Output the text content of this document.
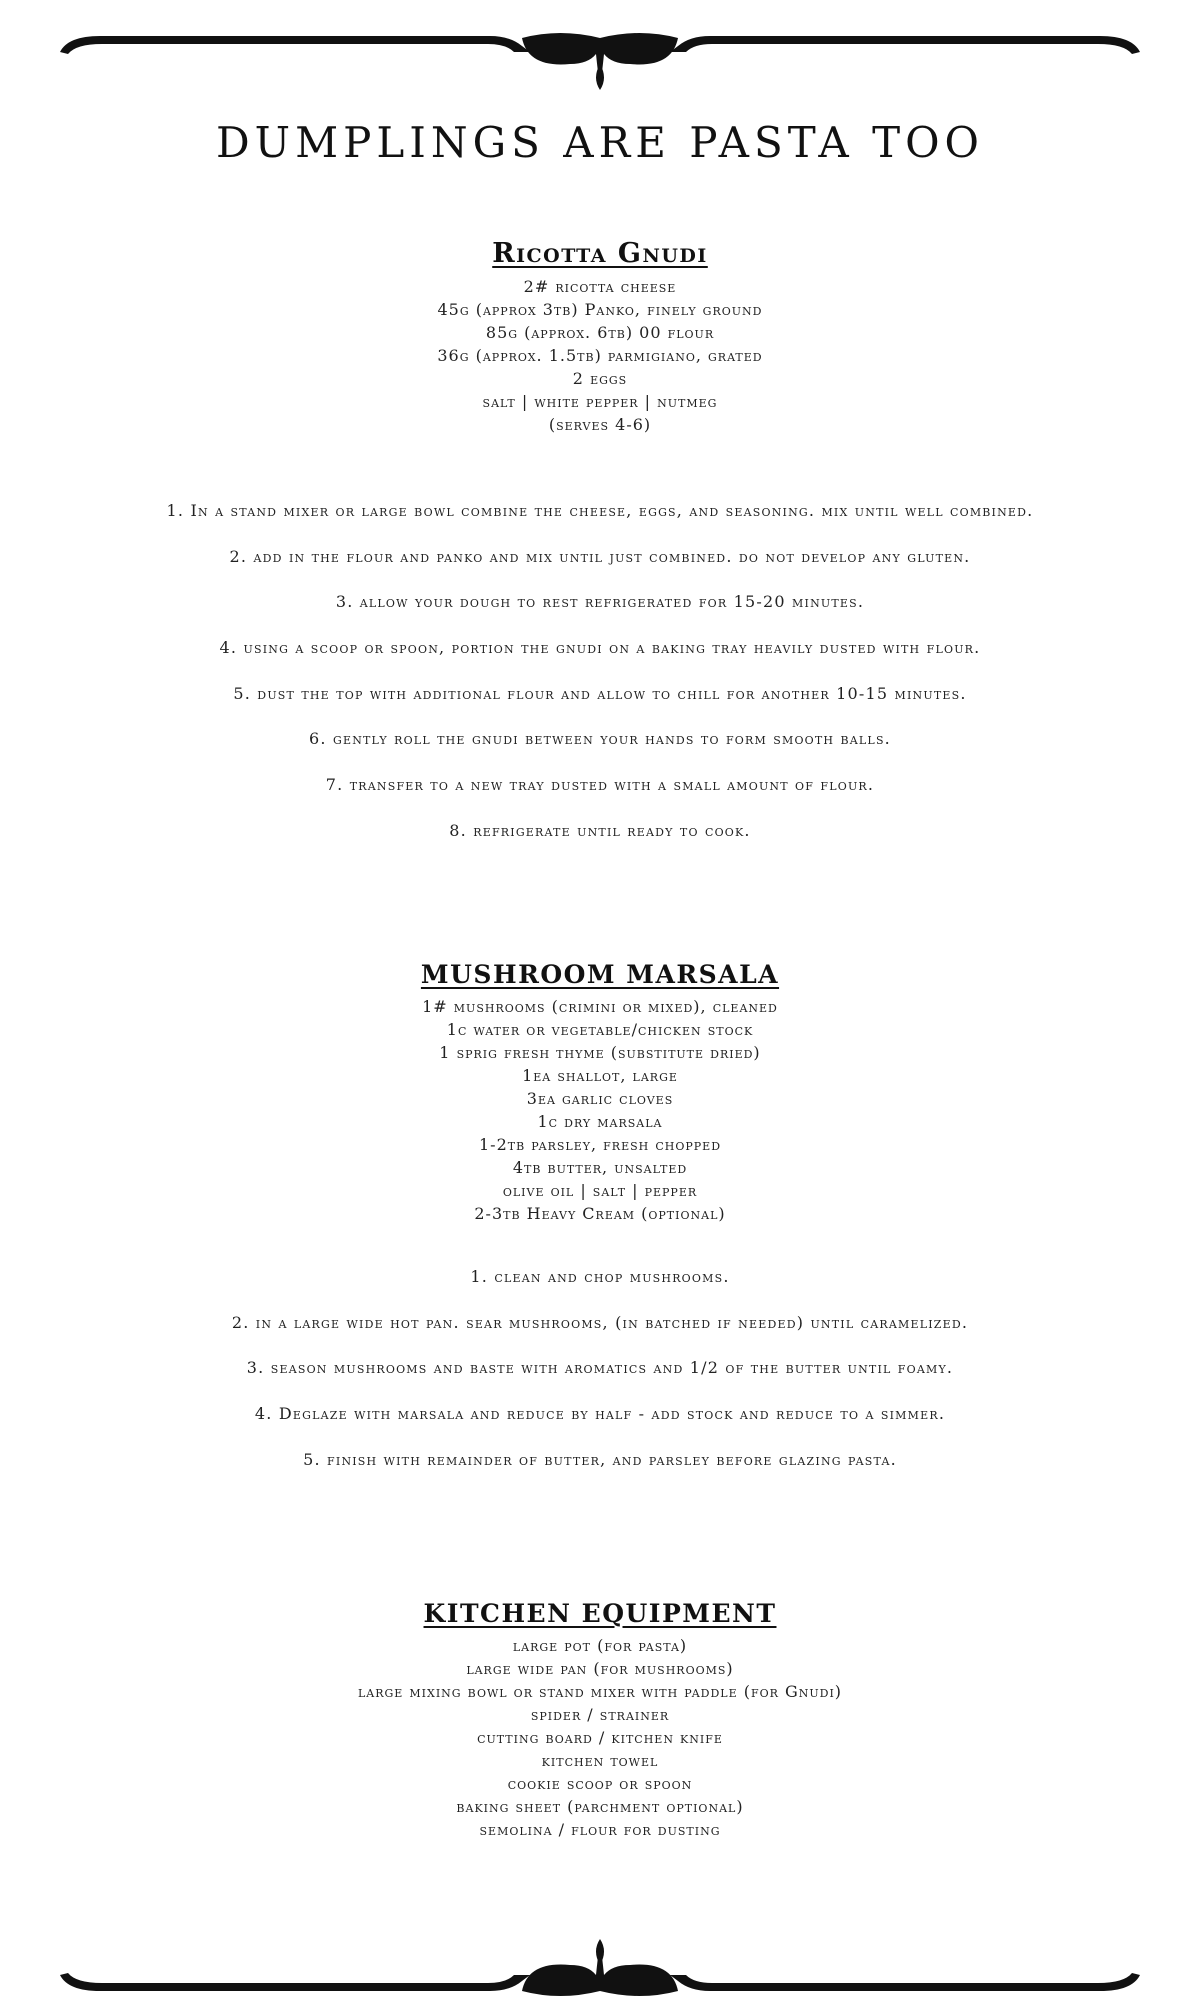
DUMPLINGS ARE PASTA TOO
Ricotta Gnudi
2# ricotta cheese
45g (approx 3tb) Panko, finely ground
85g (approx. 6tb) 00 flour
36g (approx. 1.5tb) parmigiano, grated
2 eggs
salt | white pepper | nutmeg
(serves 4-6)
1. In a stand mixer or large bowl combine the cheese, eggs, and seasoning. mix until well combined.
2. add in the flour and panko and mix until just combined. do not develop any gluten.
3. allow your dough to rest refrigerated for 15-20 minutes.
4. using a scoop or spoon, portion the gnudi on a baking tray heavily dusted with flour.
5. dust the top with additional flour and allow to chill for another 10-15 minutes.
6. gently roll the gnudi between your hands to form smooth balls.
7. transfer to a new tray dusted with a small amount of flour.
8. refrigerate until ready to cook.
MUSHROOM MARSALA
1# mushrooms (crimini or mixed), cleaned
1c water or vegetable/chicken stock
1 sprig fresh thyme (substitute dried)
1ea shallot, large
3ea garlic cloves
1c dry marsala
1-2tb parsley, fresh chopped
4tb butter, unsalted
olive oil | salt | pepper
2-3tb Heavy Cream (optional)
1. clean and chop mushrooms.
2. in a large wide hot pan. sear mushrooms, (in batched if needed) until caramelized.
3. season mushrooms and baste with aromatics and 1/2 of the butter until foamy.
4. Deglaze with marsala and reduce by half - add stock and reduce to a simmer.
5. finish with remainder of butter, and parsley before glazing pasta.
KITCHEN EQUIPMENT
large pot (for pasta)
large wide pan (for mushrooms)
large mixing bowl or stand mixer with paddle (for Gnudi)
spider / strainer
cutting board / kitchen knife
kitchen towel
cookie scoop or spoon
baking sheet (parchment optional)
semolina / flour for dusting
